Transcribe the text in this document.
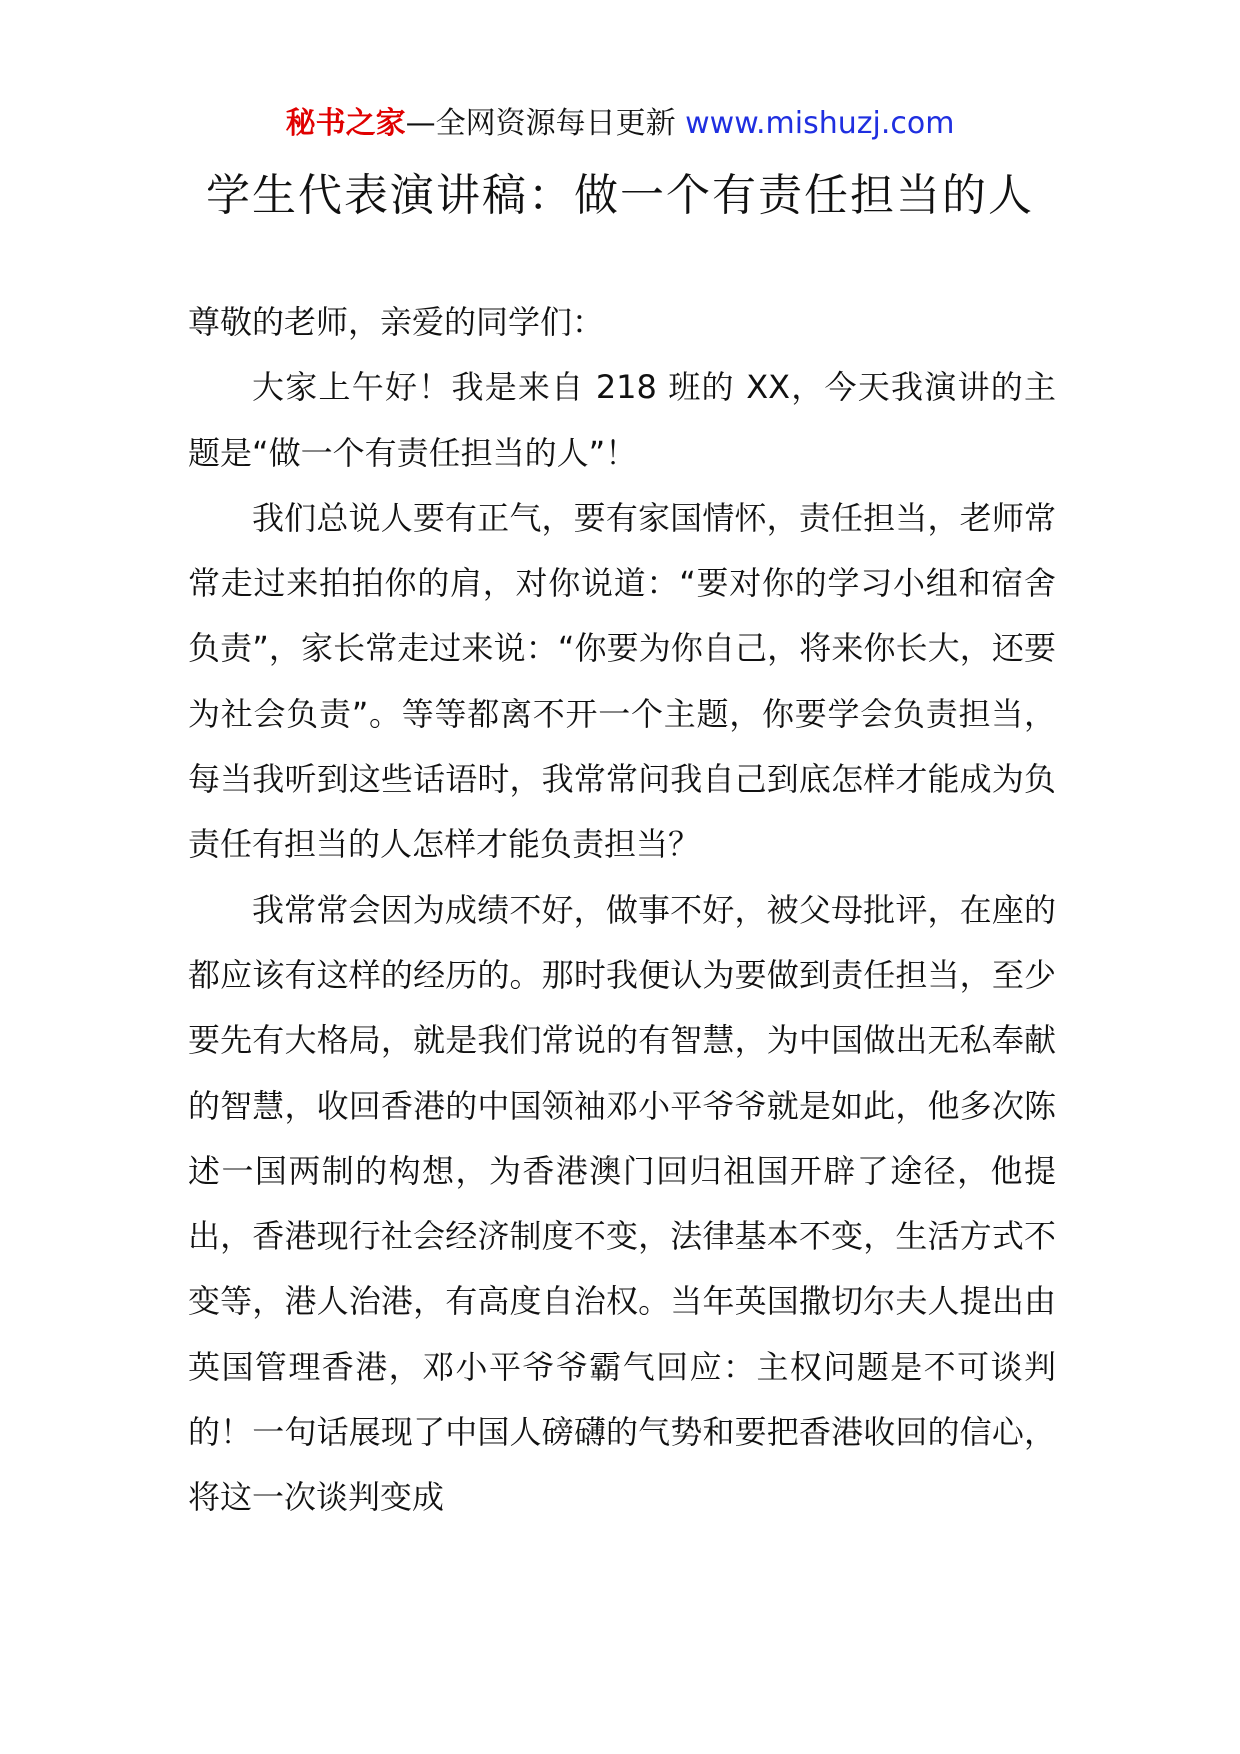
秘书之家—全网资源每日更新 www.mishuzj.com
学生代表演讲稿：做一个有责任担当的人

尊敬的老师，亲爱的同学们：

大家上午好！我是来自 218 班的 XX，今天我演讲的主题是“做一个有责任担当的人”！

我们总说人要有正气，要有家国情怀，责任担当，老师常常走过来拍拍你的肩，对你说道：“要对你的学习小组和宿舍负责”，家长常走过来说：“你要为你自己，将来你长大，还要为社会负责”。等等都离不开一个主题，你要学会负责担当，每当我听到这些话语时，我常常问我自己到底怎样才能成为负责任有担当的人怎样才能负责担当？

我常常会因为成绩不好，做事不好，被父母批评，在座的都应该有这样的经历的。那时我便认为要做到责任担当，至少要先有大格局，就是我们常说的有智慧，为中国做出无私奉献的智慧，收回香港的中国领袖邓小平爷爷就是如此，他多次陈述一国两制的构想，为香港澳门回归祖国开辟了途径，他提出，香港现行社会经济制度不变，法律基本不变，生活方式不变等，港人治港，有高度自治权。当年英国撒切尔夫人提出由英国管理香港，邓小平爷爷霸气回应：主权问题是不可谈判的！一句话展现了中国人磅礴的气势和要把香港收回的信心，将这一次谈判变成
